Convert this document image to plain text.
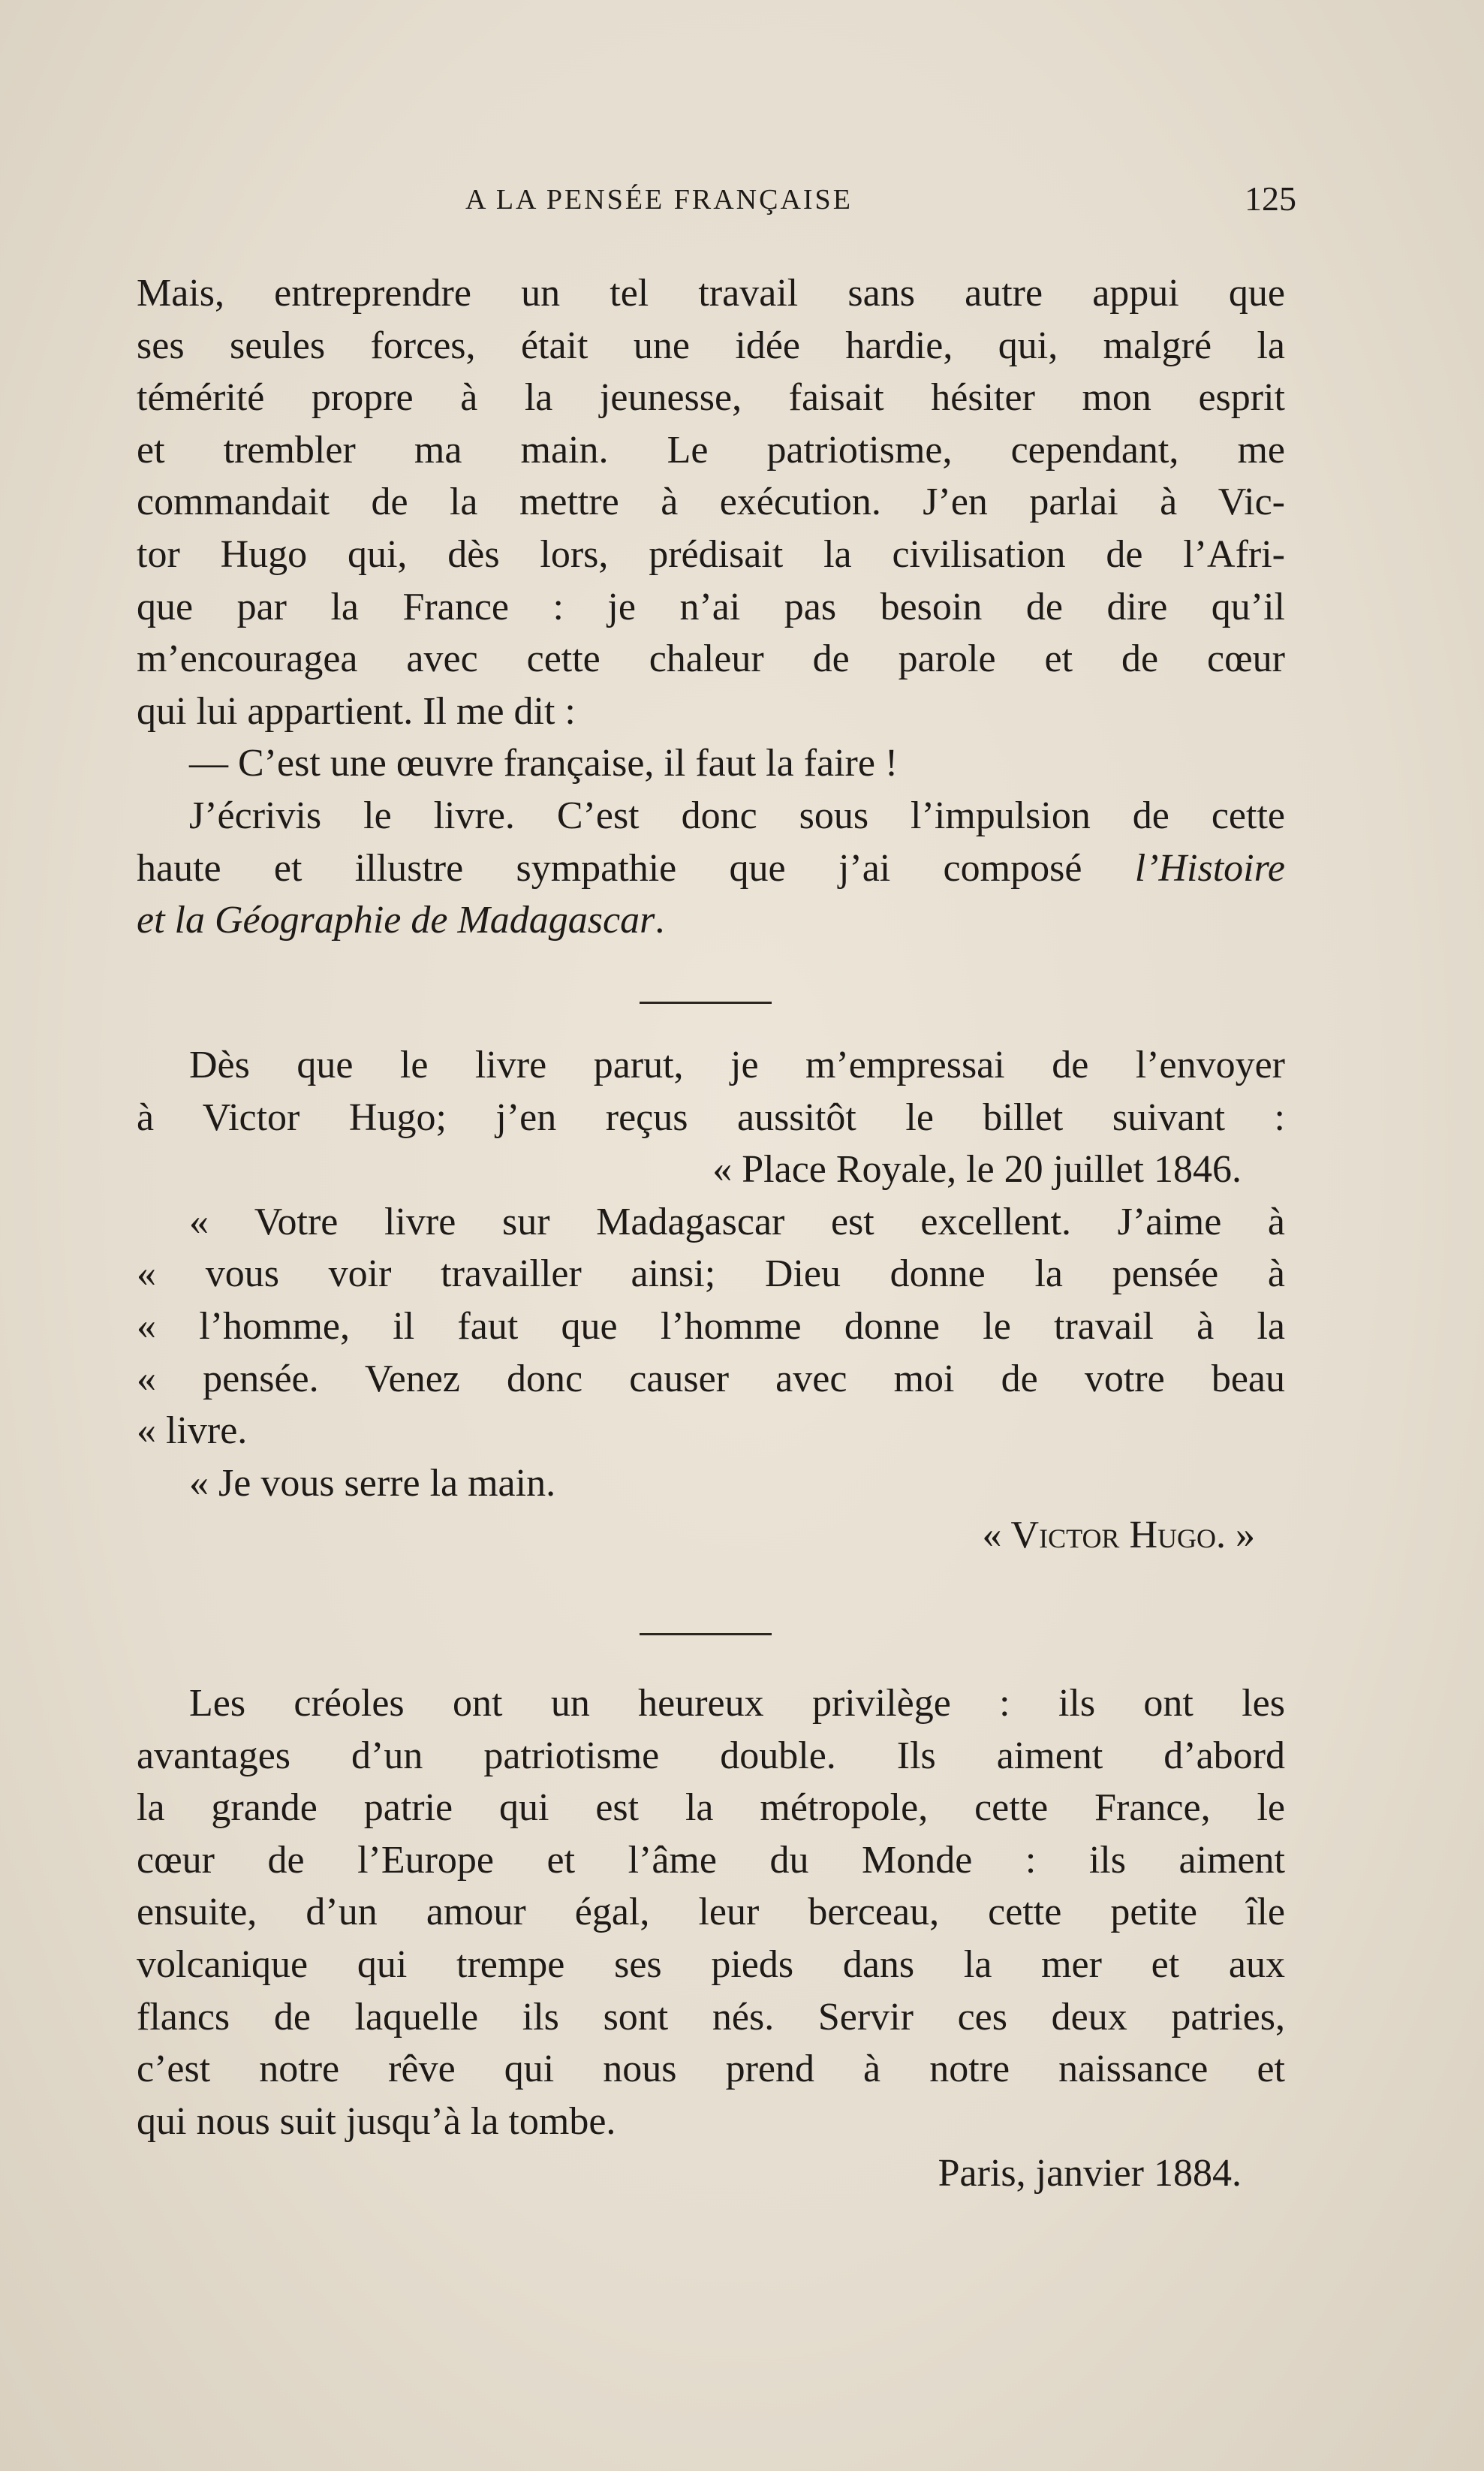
A LA PENSÉE FRANÇAISE	125

Mais, entreprendre un tel travail sans autre appui que

ses seules forces, était une idée hardie, qui, malgré la

témérité propre à la jeunesse, faisait hésiter mon esprit

et trembler ma main. Le patriotisme, cependant, me

commandait de la mettre à exécution. J’en parlai à Vic-

tor Hugo qui, dès lors, prédisait la civilisation de l’Afri-

que par la France : je n’ai pas besoin de dire qu’il

m’encouragea avec cette chaleur de parole et de cœur

qui lui appartient. Il me dit :

— C’est une œuvre française, il faut la faire !

J’écrivis le livre. C’est donc sous l’impulsion de cette

haute et illustre sympathie que j’ai composé l’Histoire

et la Géographie de Madagascar.

Dès que le livre parut, je m’empressai de l’envoyer

à Victor Hugo; j’en reçus aussitôt le billet suivant :

« Place Royale, le 20 juillet 1846.

« Votre livre sur Madagascar est excellent. J’aime à

« vous voir travailler ainsi; Dieu donne la pensée à

« l’homme, il faut que l’homme donne le travail à la

« pensée. Venez donc causer avec moi de votre beau

« livre.

« Je vous serre la main.

« Victor Hugo. »

Les créoles ont un heureux privilège : ils ont les

avantages d’un patriotisme double. Ils aiment d’abord

la grande patrie qui est la métropole, cette France, le

cœur de l’Europe et l’âme du Monde : ils aiment

ensuite, d’un amour égal, leur berceau, cette petite île

volcanique qui trempe ses pieds dans la mer et aux

flancs de laquelle ils sont nés. Servir ces deux patries,

c’est notre rêve qui nous prend à notre naissance et

qui nous suit jusqu’à la tombe.

Paris, janvier 1884.
